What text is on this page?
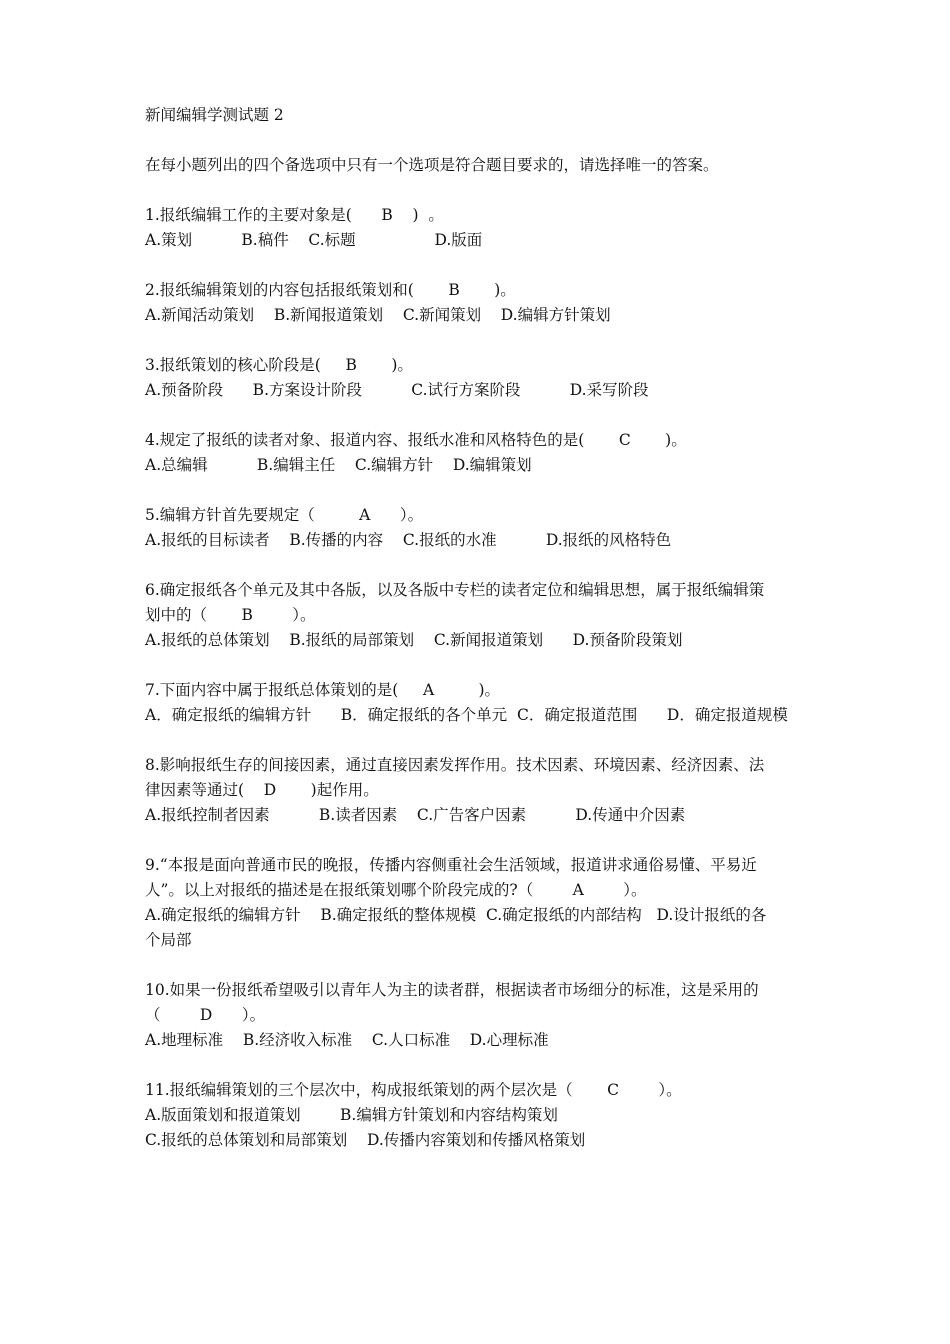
新闻编辑学测试题 2

在每小题列出的四个备选项中只有一个选项是符合题目要求的，请选择唯一的答案。

1.报纸编辑工作的主要对象是(      B    )  。

A.策划          B.稿件    C.标题                D.版面

2.报纸编辑策划的内容包括报纸策划和(       B       )。

A.新闻活动策划    B.新闻报道策划    C.新闻策划    D.编辑方针策划

3.报纸策划的核心阶段是(     B       )。

A.预备阶段      B.方案设计阶段          C.试行方案阶段          D.采写阶段

4.规定了报纸的读者对象、报道内容、报纸水准和风格特色的是(       C       )。

A.总编辑          B.编辑主任    C.编辑方针    D.编辑策划

5.编辑方针首先要规定（         A      ）。

A.报纸的目标读者    B.传播的内容    C.报纸的水准          D.报纸的风格特色

6.确定报纸各个单元及其中各版，以及各版中专栏的读者定位和编辑思想，属于报纸编辑策

划中的（       B        ）。

A.报纸的总体策划    B.报纸的局部策划    C.新闻报道策划      D.预备阶段策划

7.下面内容中属于报纸总体策划的是(     A         )。

A．确定报纸的编辑方针      B．确定报纸的各个单元  C．确定报道范围      D．确定报道规模

8.影响报纸生存的间接因素，通过直接因素发挥作用。技术因素、环境因素、经济因素、法

律因素等通过(    D       )起作用。

A.报纸控制者因素          B.读者因素    C.广告客户因素          D.传通中介因素

9.“本报是面向普通市民的晚报，传播内容侧重社会生活领域，报道讲求通俗易懂、平易近

人”。以上对报纸的描述是在报纸策划哪个阶段完成的?（        A        ）。

A.确定报纸的编辑方针    B.确定报纸的整体规模  C.确定报纸的内部结构   D.设计报纸的各

个局部

10.如果一份报纸希望吸引以青年人为主的读者群，根据读者市场细分的标准，这是采用的

（        D      ）。

A.地理标准    B.经济收入标准    C.人口标准    D.心理标准

11.报纸编辑策划的三个层次中，构成报纸策划的两个层次是（       C        ）。

A.版面策划和报道策划        B.编辑方针策划和内容结构策划

C.报纸的总体策划和局部策划    D.传播内容策划和传播风格策划
